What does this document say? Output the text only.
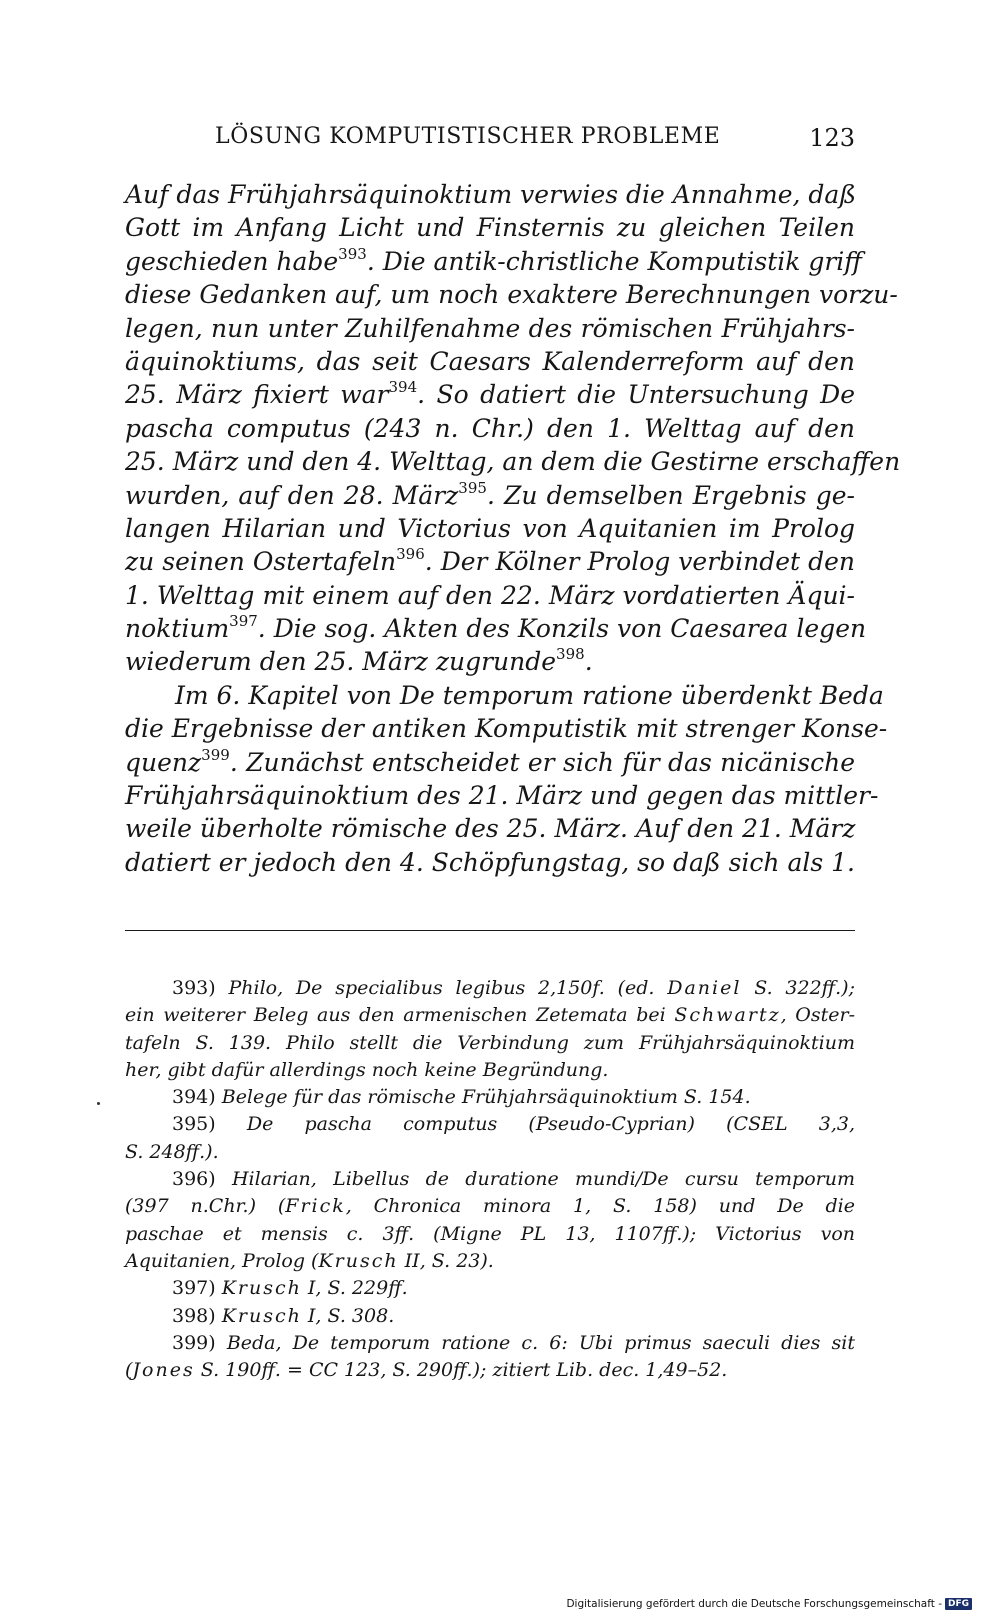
LÖSUNG KOMPUTISTISCHER PROBLEME	123
Auf das Frühjahrsäquinoktium verwies die Annahme, daß
Gott im Anfang Licht und Finsternis zu gleichen Teilen
geschieden habe$^{393}$. Die antik-christliche Komputistik griff
diese Gedanken auf, um noch exaktere Berechnungen vorzu-
legen, nun unter Zuhilfenahme des römischen Frühjahrs-
äquinoktiums, das seit Caesars Kalenderreform auf den
25. März fixiert war$^{394}$. So datiert die Untersuchung De
pascha computus (243 n. Chr.) den 1. Welttag auf den
25. März und den 4. Welttag, an dem die Gestirne erschaffen
wurden, auf den 28. März$^{395}$. Zu demselben Ergebnis ge-
langen Hilarian und Victorius von Aquitanien im Prolog
zu seinen Ostertafeln$^{396}$. Der Kölner Prolog verbindet den
1. Welttag mit einem auf den 22. März vordatierten Äqui-
noktium$^{397}$. Die sog. Akten des Konzils von Caesarea legen
wiederum den 25. März zugrunde$^{398}$.
Im 6. Kapitel von De temporum ratione überdenkt Beda
die Ergebnisse der antiken Komputistik mit strenger Konse-
quenz$^{399}$. Zunächst entscheidet er sich für das nicänische
Frühjahrsäquinoktium des 21. März und gegen das mittler-
weile überholte römische des 25. März. Auf den 21. März
datiert er jedoch den 4. Schöpfungstag, so daß sich als 1.
393) Philo, De specialibus legibus 2,150f. (ed. Daniel S. 322ff.);
ein weiterer Beleg aus den armenischen Zetemata bei Schwartz, Oster-
tafeln S. 139. Philo stellt die Verbindung zum Frühjahrsäquinoktium
her, gibt dafür allerdings noch keine Begründung.
394) Belege für das römische Frühjahrsäquinoktium S. 154.
395) De pascha computus (Pseudo-Cyprian) (CSEL 3,3,
S. 248ff.).
396) Hilarian, Libellus de duratione mundi/De cursu temporum
(397 n.Chr.) (Frick, Chronica minora 1, S. 158) und De die
paschae et mensis c. 3ff. (Migne PL 13, 1107ff.); Victorius von
Aquitanien, Prolog (Krusch II, S. 23).
397) Krusch I, S. 229ff.
398) Krusch I, S. 308.
399) Beda, De temporum ratione c. 6: Ubi primus saeculi dies sit
(Jones S. 190ff. = CC 123, S. 290ff.); zitiert Lib. dec. 1,49–52.
Digitalisierung gefördert durch die Deutsche Forschungsgemeinschaft - DFG
